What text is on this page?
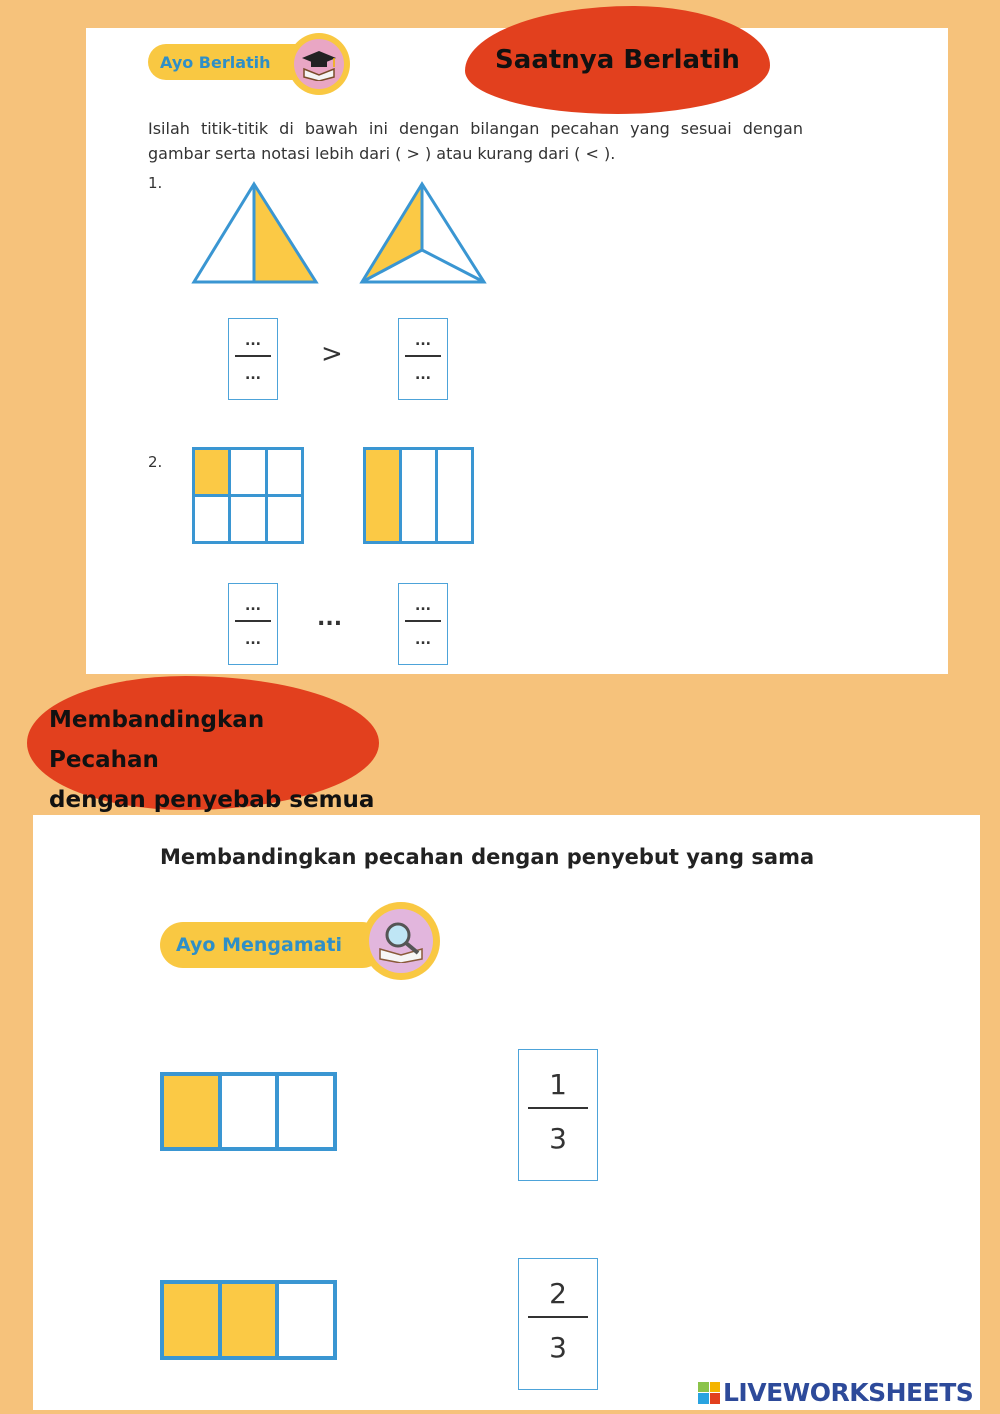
Ayo Berlatih	Saatnya Berlatih

Isilah titik-titik di bawah ini dengan bilangan pecahan yang sesuai dengan gambar serta notasi lebih dari ( > ) atau kurang dari ( < ).

1.
...
...
>	...
...
2.
...
...
...	...
...
Membandingkan Pecahan
dengan penyebab semua

Membandingkan pecahan dengan penyebut yang sama

Ayo Mengamati
1
3
2
3
LIVEWORKSHEETS
